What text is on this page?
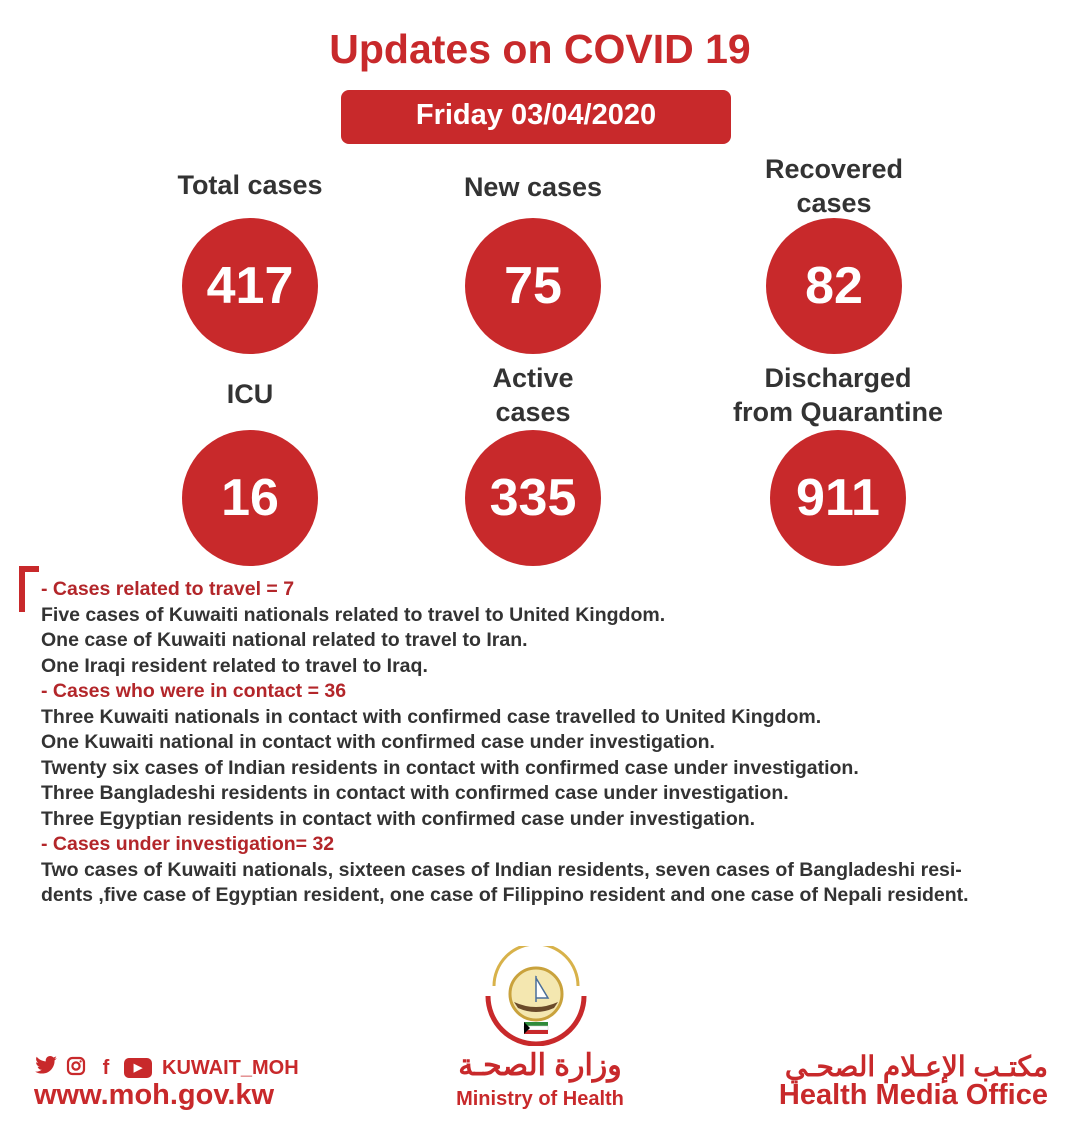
Updates on COVID 19
Friday 03/04/2020
Total cases
417
New cases
75
Recovered
cases
82
ICU
16
Active
cases
335
Discharged
from Quarantine
911
- Cases related to travel = 7
Five cases of Kuwaiti nationals related to travel to United Kingdom.
One case of Kuwaiti national related to travel to Iran.
One Iraqi resident related to travel to Iraq.
- Cases who were in contact = 36
Three Kuwaiti nationals in contact with confirmed case travelled to United Kingdom.
One Kuwaiti national in contact with confirmed case under investigation.
Twenty six cases of Indian residents in contact with confirmed case under investigation.
Three Bangladeshi residents in contact with confirmed case under investigation.
Three Egyptian residents in contact with confirmed case under investigation.
- Cases under investigation= 32
Two cases of Kuwaiti nationals, sixteen cases of Indian residents, seven cases of Bangladeshi resi-
dents ,five case of Egyptian resident, one case of Filippino resident and one case of Nepali resident.
f	▶ KUWAIT_MOH
www.moh.gov.kw
وزارة الصحـة
Ministry of Health
مكتـب الإعـلام الصحـي
Health Media Office
